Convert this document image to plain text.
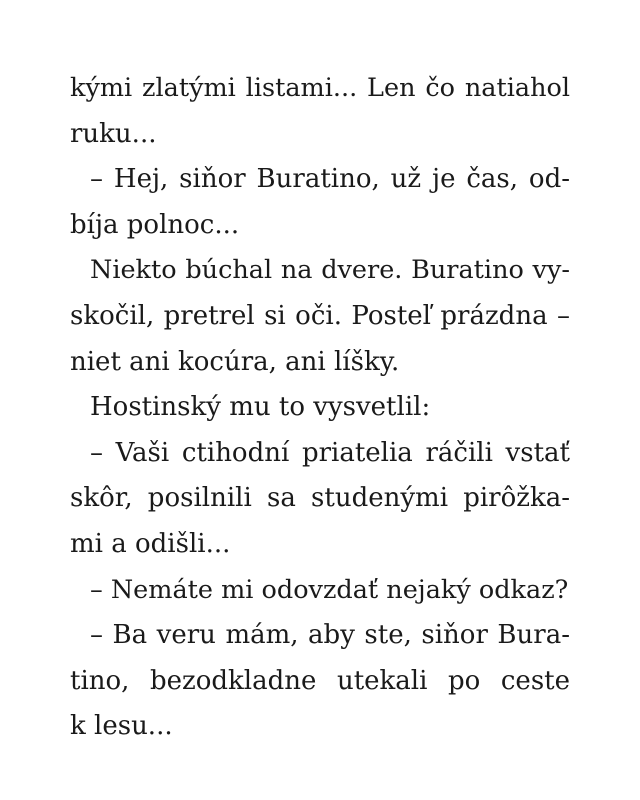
kými zlatými listami... Len čo natiahol
ruku...
– Hej, siňor Buratino, už je čas, od-
bíja polnoc...
Niekto búchal na dvere. Buratino vy-
skočil, pretrel si oči. Posteľ prázdna –
niet ani kocúra, ani líšky.
Hostinský mu to vysvetlil:
– Vaši ctihodní priatelia ráčili vstať
skôr, posilnili sa studenými pirôžka-
mi a odišli...
– Nemáte mi odovzdať nejaký odkaz?
– Ba veru mám, aby ste, siňor Bura-
tino, bezodkladne utekali po ceste
k lesu...
